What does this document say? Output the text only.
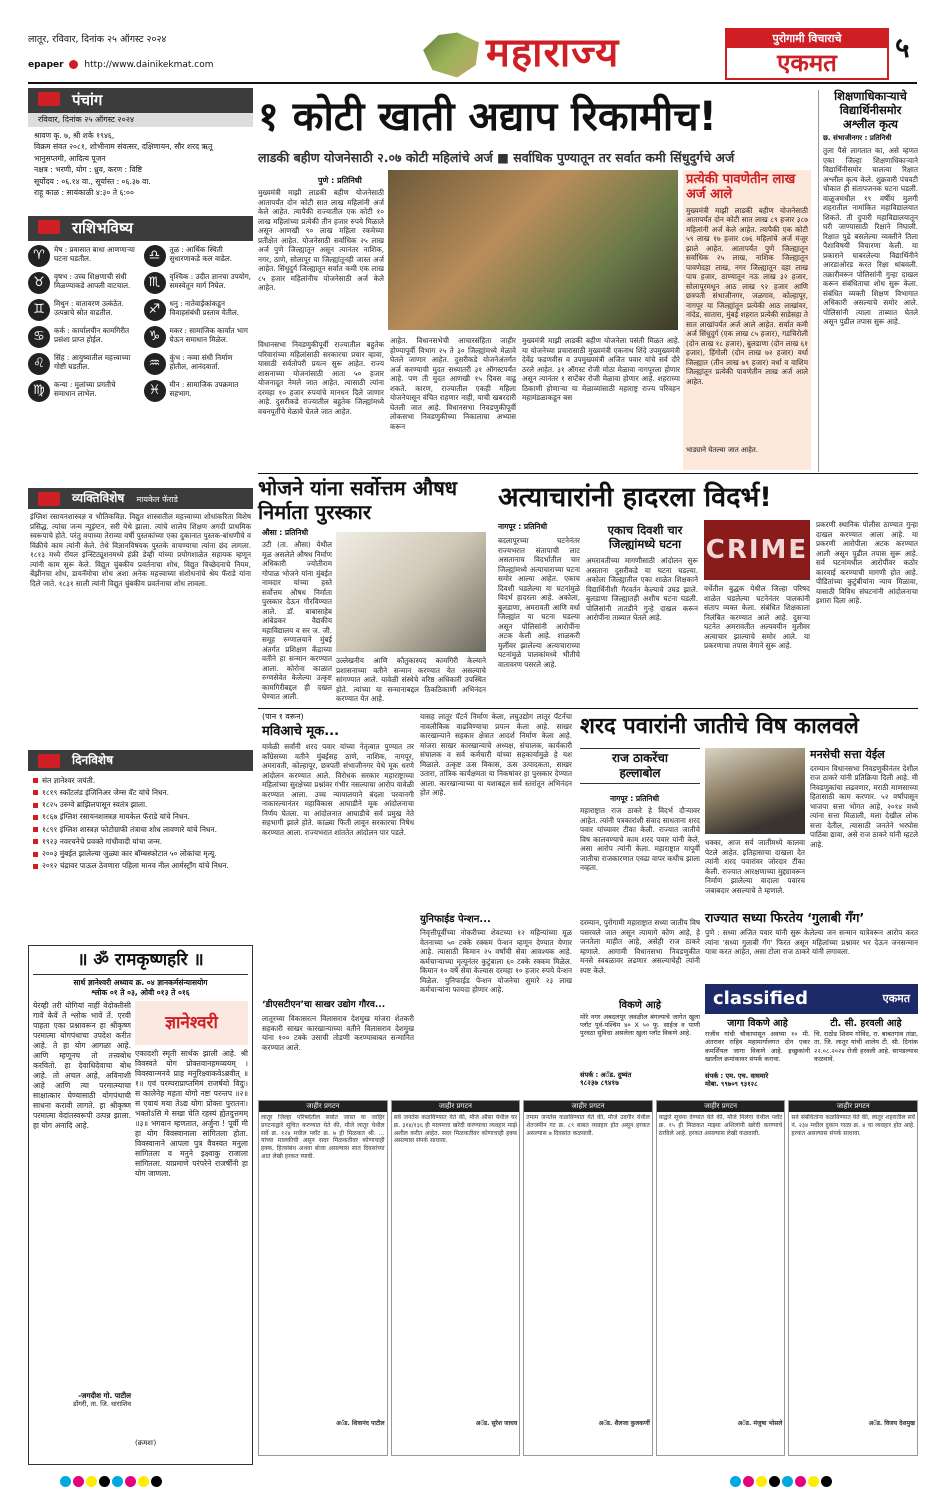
लातूर, रविवार, दिनांक २५ ऑगस्ट २०२४
epaper http://www.dainikekmat.com	महाराज्य	पुरोगामी विचाराचे
एकमत	५
पंचांग
रविवार, दिनांक २५ ऑगस्ट २०२४
श्रावण कृ. ७, श्री शके १९४६,
विक्रम संवत २०८१, शोभीनाम संवत्सर, दक्षिणायन, सौर शरद ऋतू
भानुसप्तमी, आदित्य पूजन
नक्षत्र : भरणी, योग : ध्रुव, करण : विष्टि
सूर्योदय : ०६.१४ वा., सूर्यास्त : ०६.३७ वा.
राहू काळ : सायंकाळी ४:३० ते ६:००
राशिभविष्य
♈	मेष : प्रवासात बाधा आणणाऱ्या घटना घडतील.	♎	तूळ : आर्थिक स्थिती सुधारणाकडे कल वाढेल.
♉	वृषभ : उच्च शिक्षणाची संधी मिळण्याकडे आपली वाटचाल.	♏	वृश्चिक : उदीत ज्ञानचा उपयोग, समस्येतून मार्ग निघेल.
♊	मिथुन : वातावरण उत्कंठेत. उत्पन्नाचे स्रोत वाढतील.	♐	धनु : नातेवाईकांकडून विवाहसंबंधी प्रस्ताव येतील.
♋	कर्क : कार्यालयीन कामगिरीत प्रसंशा प्राप्त होईल.	♑	मकर : सामाजिक कार्यात भाग घेऊन समाधान मिळेल.
♌	सिंह : आयुष्यातील महत्त्वाच्या गोष्टी घडतील.	♒	कुंभ : नव्या संधी निर्माण होतील, आनंदवार्ता.
♍	कन्या : मुलांच्या प्रगतीचे समाधान लाभेल.	♓	मीन : सामाजिक उपक्रमात सहभाग.
व्यक्तिविशेष मायकेल फॅराडे
इंग्लिश रसायनशास्त्रज्ञ व भौतिकविज्ञ. विद्युत शास्त्रातील महत्त्वाच्या शोधांकरिता विशेष प्रसिद्ध. त्यांचा जन्म न्यूइंग्टन, सरी येथे झाला. त्यांचे शालेय शिक्षण अगदी प्राथमिक स्वरूपाचे होते. परंतु वयाच्या तेराव्या वर्षी पुस्तकांच्या एका दुकानात पुस्तक-बांधणीचे व विक्रीचे काम त्यांनी केले. तेथे विज्ञानविषयक पुस्तके वाचण्याचा त्यांना छंद लागला. १८१३ मध्ये रॉयल इन्स्टिट्यूशनमध्ये हंफ्री डेव्ही यांच्या प्रयोगशाळेत सहायक म्हणून त्यांनी काम सुरू केले. विद्युत चुंबकीय प्रवर्तनाचा शोध, विद्युत विच्छेदनाचे नियम, बेंझीनचा शोध, डायनॅमोचा शोध अशा अनेक महत्त्वाच्या संशोधनांचे श्रेय फॅराडे यांना दिले जाते. १८३१ साली त्यांनी विद्युत चुंबकीय प्रवर्तनाचा शोध लावला.
दिनविशेष
संत ज्ञानेश्वर जयंती.
१८१९ स्कॉटलंड इंजिनिअर जेम्स वॅट यांचे निधन.
१८२५ उरुग्वे ब्राझिलपासून स्वतंत्र झाला.
१८६७ इंग्लिश रसायनशास्त्रज्ञ मायकेल फॅराडे यांचे निधन.
१८९१ इंग्लिश शास्त्रज्ञ फोटोग्राफी तंत्राचा शोध लावणारे यांचे निधन.
१९२३ नवरचनेचे प्रवक्ते गांधीवादी यांचा जन्म.
२००३ मुंबईत झालेल्या जुळ्या कार बॉम्बस्फोटात ५० लोकांचा मृत्यू.
२०१२ चंद्रावर पाऊल ठेवणारा पहिला मानव नील आर्मस्ट्राँग यांचे निधन.
॥ ॐ रामकृष्णहरि ॥
सार्थ ज्ञानेश्वरी अध्याय क्र. ०४ ज्ञानकर्मसंन्यासयोग
श्लोक ०१ ते ०३, ओवी ०१३ ते ०१६
येरव्ही तरी योगियां नाहीं वेदोक्तीसी गावें केवें तें श्लोक भावें तें. एरवी पाहता एका प्रश्नावरून हा श्रीकृष्ण परमात्मा योगपंथाचा उपदेश करीत आहे. ते हा योग आगळा आहे. आणि म्हणूनच तो तत्त्वबोध करवितो. हा देवाधिदेवाचा बोध आहे. तो अचल आहे, अविनाशी आहे आणि त्या परमात्म्याचा साक्षात्कार घेण्यासाठी योगपंथाची साधना करावी लागते. हा श्रीकृष्ण परमात्मा वेदांतस्वरूपी उत्पन्न झाला. हा योग अनादि आहे.
-जगदीश गो. पाटील
डोंगरी, ता. जि. धाराशिव
ज्ञानेश्वरी
एकादशी स्मृती सार्थक झाली आहे. श्री विवस्वते योग प्रोक्तवानहमव्ययम् । विवस्वान्मनवे प्राह मनुरिक्ष्वाकवेऽब्रवीत् ॥१॥ एवं परम्पराप्राप्तमिमं राजर्षयो विदुः। स कालेनेह महता योगो नष्टः परन्तप ॥२॥ स एवायं मया तेऽद्य योगः प्रोक्तः पुरातनः। भक्तोऽसि मे सखा चेति रहस्यं ह्येतदुत्तमम् ॥३॥ भगवान म्हणतात, अर्जुना ! पूर्वी मी हा योग विवस्वानाला सांगितला होता. विवस्वानाने आपला पुत्र वैवस्वत मनुला सांगितला व मनुने इक्ष्वाकु राजाला सांगितला. याप्रमाणे परंपरेने राजर्षींनी हा योग जाणला.
(क्रमशः)
१ कोटी खाती अद्याप रिकामीच!
लाडकी बहीण योजनेसाठी २.०७ कोटी महिलांचे अर्ज ■ सर्वाधिक पुण्यातून तर सर्वात कमी सिंधुदुर्गचे अर्ज
पुणे : प्रतिनिधी
मुख्यमंत्री माझी लाडकी बहीण योजनेसाठी आतापर्यंत दोन कोटी सात लाख महिलांनी अर्ज केले आहेत. त्यापैकी राज्यातील एक कोटी १० लाख महिलांच्या प्रत्येकी तीन हजार रुपये मिळाले असून आणखी ९० लाख महिला रकमेच्या प्रतीक्षेत आहेत. योजनेसाठी सर्वाधिक २५ लाख अर्ज पुणे जिल्ह्यातून असून त्यानंतर नाशिक, नगर, ठाणे, सोलापूर या जिल्ह्यांतूनही जास्त अर्ज आहेत. सिंधुदुर्ग जिल्ह्यातून सर्वात कमी एक लाख ८५ हजार महिलांनीच योजनेसाठी अर्ज केले आहेत.
विधानसभा निवडणुकीपूर्वी राज्यातील बहुतेक परिवारांच्या महिलांसाठी सरकारचा प्रचार व्हावा, यासाठी सर्वतोपरी प्रयत्न सुरू आहेत. राज्य शासनाच्या योजनांसाठी आता ५० हजार योजनादूत नेमले जात आहेत. त्यासाठी त्यांना दरमहा १० हजार रुपयांचे मानधन दिले जाणार आहे. दुसरीकडे राज्यातील बहुतेक जिल्ह्यांमध्ये वचनपूर्तीचे मेळावे घेतले जात आहेत.
आहेत. विधानसभेची आचारसंहिता जाहीर होण्यापूर्वी विभाग २५ ते ३० जिल्ह्यांमध्ये मेळावे घेतले जाणार आहेत. दुसरीकडे योजनेअंतर्गत अर्ज करण्याची मुदत सध्यातरी ३१ ऑगस्टपर्यंत आहे. पण ती मुदत आणखी १५ दिवस वाढू शकते. कारण, राज्यातील एकही महिला योजनेपासून वंचित राहणार नाही, याची खबरदारी घेतली जात आहे. विधानसभा निवडणुकीपूर्वी लोकसभा निवडणुकीच्या निकालाचा अभ्यास करून
मुख्यमंत्री माझी लाडकी बहीण योजनेला पसंती मिळत आहे. या योजनेच्या प्रचारासाठी मुख्यमंत्री एकनाथ शिंदे उपमुख्यमंत्री देवेंद्र फडणवीस व उपमुख्यमंत्री अजित पवार यांचे सर्व दौरे ठरले आहेत. ३१ ऑगस्ट रोजी मोठा मेळावा नागपूरला होणार असून त्यानंतर १ सप्टेंबर रोजी मेळावा होणार आहे. शहराच्या ठिकाणी होणाऱ्या या मेळाव्यांसाठी महाराष्ट्र राज्य परिवहन महामंडळाकडून बस
प्रत्येकी पावणेतीन लाख अर्ज आले
मुख्यमंत्री माझी लाडकी बहीण योजनेसाठी आतापर्यंत दोन कोटी सात लाख ८९ हजार ३८७ महिलांनी अर्ज केले आहेत. त्यापैकी एक कोटी ५९ लाख १७ हजार ८७६ महिलांचे अर्ज मंजूर झाले आहेत. आतापर्यंत पुणे जिल्ह्यातून सर्वाधिक २५ लाख, नाशिक जिल्ह्यातून पावणेदहा लाख, नगर जिल्ह्यातून दहा लाख पाच हजार, ठाण्यातून नऊ लाख ३२ हजार, सोलापूरमधून आठ लाख ९२ हजार आणि छत्रपती संभाजीनगर, जळगाव, कोल्हापूर, नागपूर या जिल्ह्यांतून प्रत्येकी आठ लाखांवर, नांदेड, सातारा, मुंबई शहरात प्रत्येकी साडेसहा ते सात लाखांपर्यंत अर्ज आले आहेत. सर्वात कमी अर्ज सिंधुदुर्ग (एक लाख ८५ हजार), गडचिरोली (दोन लाख १८ हजार), बुलडाणा (दोन लाख ६१ हजार), हिंगोली (दोन लाख ७२ हजार) वर्धा जिल्ह्यात (तीन लाख ७९ हजार) वर्धा व वाशिम जिल्ह्यांतून प्रत्येकी पावणेतीन लाख अर्ज आले आहेत.
भाड्याने घेतल्या जात आहेत.
शिक्षणाधिकाऱ्याचे विद्यार्थिनीसमोर अश्लील कृत्य
छ. संभाजीनगर : प्रतिनिधी
तुला पैसे लागतात का, असे म्हणत एका जिल्हा शिक्षणाधिकाऱ्याने विद्यार्थिनीसमोर चालत्या रिक्षात अश्लील कृत्य केले. शुक्रवारी पंचवटी चौकात ही संतापजनक घटना घडली. वाळूजमधील १९ वर्षीय मुलगी शहरातील नामांकित महाविद्यालयात शिकते. ती दुपारी महाविद्यालयातून घरी जाण्यासाठी रिक्षाने निघाली. रिक्षात पुढे बसलेल्या व्यक्तीने तिला पैशाविषयी विचारणा केली. या प्रकाराने घाबरलेल्या विद्यार्थिनीने आरडाओरड करत रिक्षा थांबवली. तक्रारीवरून पोलिसांनी गुन्हा दाखल करून संबंधिताचा शोध सुरू केला. संबंधित व्यक्ती शिक्षण विभागात अधिकारी असल्याचे समोर आले. पोलिसांनी त्याला ताब्यात घेतले असून पुढील तपास सुरू आहे.
भोजने यांना सर्वोत्तम औषध निर्माता पुरस्कार
औसा : प्रतिनिधी
उटी (ता. औसा) येथील मूळ असलेले औषध निर्माण अधिकारी ज्योतीराम गोपाळ भोजने यांना मुंबईत नामदार यांच्या हस्ते सर्वोत्तम औषध निर्माता पुरस्कार देऊन गौरविण्यात आले. डॉ. बाबासाहेब आंबेडकर वैद्यकीय महाविद्यालय व सर ज. जी. समूह रुग्णालयाने मुंबई अंतर्गत प्रशिक्षण केंद्राच्या वतीने हा सन्मान करण्यात आला. कोरोना काळात रुग्णसेवेत केलेल्या उत्कृष्ट कामगिरीबद्दल ही दखल घेण्यात आली.
उल्लेखनीय आणि कौतुकास्पद कामगिरी केल्याने प्रशासनाच्या वतीने सन्मान करण्यात येत असल्याचे सांगण्यात आले. यावेळी संस्थेचे वरिष्ठ अधिकारी उपस्थित होते. त्यांच्या या सन्मानाबद्दल ठिकठिकाणी अभिनंदन करण्यात येत आहे.
अत्याचारांनी हादरला विदर्भ!
नागपूर : प्रतिनिधी
बदलापूरच्या घटनेनंतर राज्यभरात संतापाची लाट असतानाच विदर्भातील चार जिल्ह्यांमध्ये अत्याचाराच्या घटना समोर आल्या आहेत. एकाच दिवशी घडलेल्या या घटनांमुळे विदर्भ हादरला आहे. अकोला, बुलडाणा, अमरावती आणि वर्धा जिल्ह्यांत या घटना घडल्या असून पोलिसांनी आरोपींना अटक केली आहे. शाळकरी मुलींवर झालेल्या अत्याचाराच्या घटनांमुळे पालकांमध्ये भीतीचे वातावरण पसरले आहे.
एकाच दिवशी चार जिल्ह्यांमध्ये घटना
अमरावतीच्या मागणीसाठी आंदोलन सुरू असताना दुसरीकडे या घटना घडल्या. अकोला जिल्ह्यातील एका शाळेत शिक्षकाने विद्यार्थिनीशी गैरवर्तन केल्याचे उघड झाले. बुलडाणा जिल्ह्यातही अशीच घटना घडली. पोलिसांनी तातडीने गुन्हे दाखल करून आरोपींना ताब्यात घेतले आहे.
CRIME
वर्धेतील बुद्धक येथील जिल्हा परिषद शाळेत घडलेल्या घटनेनंतर पालकांनी संताप व्यक्त केला. संबंधित शिक्षकाला निलंबित करण्यात आले आहे. दुसऱ्या घटनेत अमरावतीत अल्पवयीन मुलीवर अत्याचार झाल्याचे समोर आले. या प्रकरणाचा तपास वेगाने सुरू आहे.
प्रकरणी स्थानिक पोलीस ठाण्यात गुन्हा दाखल करण्यात आला आहे. या प्रकरणी आरोपीला अटक करण्यात आली असून पुढील तपास सुरू आहे. सर्व घटनांमधील आरोपींवर कठोर कारवाई करण्याची मागणी होत आहे. पीडितांच्या कुटुंबीयांना न्याय मिळावा, यासाठी विविध संघटनांनी आंदोलनाचा इशारा दिला आहे.
(पान १ वरून)
मविआचे मूक...
यावेळी सर्वांनी शरद पवार यांच्या नेतृत्वात पुण्यात तर काँग्रेसच्या वतीने मुंबईसह ठाणे, नाशिक, नागपूर, अमरावती, कोल्हापूर, छत्रपती संभाजीनगर येथे मूक धरणे आंदोलन करण्यात आले. विरोधक सरकार महाराष्ट्राच्या महिलांच्या सुरक्षेच्या प्रश्नांवर गंभीर नसल्याचा आरोप यावेळी करण्यात आला. उच्च न्यायालयाने बंदला परवानगी नाकारल्यानंतर महाविकास आघाडीने मूक आंदोलनाचा निर्णय घेतला. या आंदोलनात आघाडीचे सर्व प्रमुख नेते सहभागी झाले होते. काळ्या फिती लावून सरकारचा निषेध करण्यात आला. राज्यभरात शांततेत आंदोलन पार पडले.
‘डीएसटीएन’चा साखर उद्योग गौरव...
लातूरच्या विकासरत्न विलासराव देशमुख मांजरा शेतकरी सहकारी साखर कारखान्याच्या वतीने विलासराव देशमुख यांना १०० टक्के उसाची तोडणी करण्याबाबत सन्मानित करण्यात आले.
यासह लातूर पॅटर्न निर्माण केला, लघुउद्योग लातूर पॅटर्नचा नावलौकिक वाढविण्याचा प्रयत्न केला आहे. साखर कारखान्याने सहकार क्षेत्रात आदर्श निर्माण केला आहे. मांजरा साखर कारखान्याचे अध्यक्ष, संचालक, कार्यकारी संचालक व सर्व कर्मचारी यांच्या सहकार्यामुळे हे यश मिळाले. उत्कृष्ट ऊस विकास, ऊस उत्पादकता, साखर उतारा, तांत्रिक कार्यक्षमता या निकषांवर हा पुरस्कार देण्यात आला. कारखान्याच्या या यशाबद्दल सर्व स्तरांतून अभिनंदन होत आहे.
युनिफाईड पेन्शन...
निवृत्तीपूर्वीच्या नोकरीच्या शेवटच्या १२ महिन्यांच्या मूळ वेतनाच्या ५० टक्के रक्कम पेन्शन म्हणून देण्यात येणार आहे. त्यासाठी किमान २५ वर्षांची सेवा आवश्यक आहे. कर्मचाऱ्याच्या मृत्यूनंतर कुटुंबाला ६० टक्के रक्कम मिळेल. किमान १० वर्षे सेवा केल्यास दरमहा १० हजार रुपये पेन्शन मिळेल. युनिफाईड पेन्शन योजनेचा सुमारे २३ लाख कर्मचाऱ्यांना फायदा होणार आहे.
शरद पवारांनी जातीचे विष कालवले
राज ठाकरेंचा
हल्लाबोल
नागपूर : प्रतिनिधी
महाराष्ट्रात राज ठाकरे हे विदर्भ दौऱ्यावर आहेत. त्यांनी पत्रकारांशी संवाद साधताना शरद पवार यांच्यावर टीका केली. राज्यात जातीचे विष कालवण्याचे काम शरद पवार यांनी केले, असा आरोप त्यांनी केला. महाराष्ट्रात यापूर्वी जातीचा राजकारणात एवढा वापर कधीच झाला नव्हता.
दरम्यान, पुरोगामी महाराष्ट्रात सध्या जातीय विष पसरवले जात असून त्यामागे कोण आहे, हे जनतेला माहीत आहे, असेही राज ठाकरे म्हणाले. आगामी विधानसभा निवडणुकीत मनसे स्वबळावर लढणार असल्याचेही त्यांनी स्पष्ट केले.
धक्का, आज सर्व जातींमध्ये कालवा पेटले आहेत. इतिहासाचा दाखला देत त्यांनी शरद पवारांवर जोरदार टीका केली. राज्यात आरक्षणाच्या मुद्द्यावरून निर्माण झालेल्या वादाला पवारच जबाबदार असल्याचे ते म्हणाले.
मनसेची सत्ता येईल
दरम्यान विधानसभा निवडणुकीनंतर देशील राज ठाकरे यांनी प्रतिक्रिया दिली आहे. मी निवडणुकांचा लढवणार, मराठी माणसाच्या हितासाठी काम करणार. ५२ वर्षांपासून भाजपा सत्ता भोगत आहे, २०१४ मध्ये त्यांना सत्ता मिळाली, मला देखील लोक सत्ता देतील, त्यासाठी जनतेने भरघोस पाठिंबा द्यावा, असे राज ठाकरे यांनी म्हटले आहे.
राज्यात सध्या फिरतेय ‘गुलाबी गँग’
पुणे : सध्या अजित पवार यांनी सुरू केलेल्या जन सन्मान यात्रेवरून आरोप करत त्यांना ‘सध्या गुलाबी गँग’ फिरत असून महिलांच्या प्रश्नावर भर देऊन जनसन्मान यात्रा करत आहेत, असा टोला राज ठाकरे यांनी लगावला.
classified	एकमत
जागा विकणे आहे
राजीव गांधी चौकापासून अवघ्या १० मी. अंतरावर राहिव महामार्गालगत दोन एकर कमर्शियल जागा विकणे आहे. इच्छुकांनी खालील क्रमांकावर संपर्क करावा.
संपर्क : एम. एच. वाघमारे
मोबा. ९९७०९ ९३१२८
टी. सी. हरवली आहे
चि. राठोड शिवम गोविंद, रा. बाबतगाव तांडा, ता. जि. लातूर यांची शालेय टी. सी. दिनांक २२.०८.२०२४ रोजी हरवली आहे. सापडल्यास कळवावे.
विकणे आहे
मोरे नगर अबदलपूर जवळील बंगल्याचे जागेत खुला प्लॉट पूर्व-पश्चिम ४० X ५० फू. साईज व पाणी पुरवठा सुविधा असलेला खुला प्लॉट विकणे आहे.
संपर्क : अॅड. दुष्यंत
९८२३७ ८९४१७
जाहीर प्रगटन
लातूर जिल्हा परिषदेतील सर्वात जास्त या जाहिर प्रगटनाद्वारे सूचित करण्यात येते की, मौजे लातूर येथील सर्वे क्र. १२४ मधील प्लॉट क्र. ७ ही मिळकत श्री. ... यांच्या मालकीची असून सदर मिळकतीवर कोणाचाही हक्क, हितसंबंध अथवा बोजा असल्यास सात दिवसांच्या आत लेखी हरकत घ्यावी.
अॅड. शिवानंद पाटील
जाहीर प्रगटन
सर्व जनतेस कळविण्यात येते की, मौजे औसा येथील घर क्र. ३१४/१३६ ही मालमत्ता खरेदी करण्याचा व्यवहार माझे अशील करीत आहेत. सदर मिळकतीवर कोणाचाही हक्क असल्यास संपर्क साधावा.
अॅड. सुरेश जाधव
जाहीर प्रगटन
तमाम जनतेस कळविण्यात येते की, मौजे उदगीर येथील शेतजमीन गट क्र. ८९ बाबत व्यवहार होत असून हरकत असल्यास ७ दिवसांत कळवावी.
अॅड. शैलजा कुलकर्णी
जाहीर प्रगटन
याद्वारे सूचना देण्यात येते की, मौजे निलंगा येथील प्लॉट क्र. १५ ही मिळकत माझ्या अशिलांनी खरेदी करण्याचे ठरविले आहे. हरकत असल्यास लेखी कळवावी.
अॅड. मंजुषा भोसले
जाहीर प्रगटन
सर्व संबंधितांना कळविण्यात येते की, लातूर शहरातील सर्वे नं. २३४ मधील दुकान गाळा क्र. ४ चा व्यवहार होत आहे. हरकत असल्यास संपर्क साधावा.
अॅड. विजय देशमुख
